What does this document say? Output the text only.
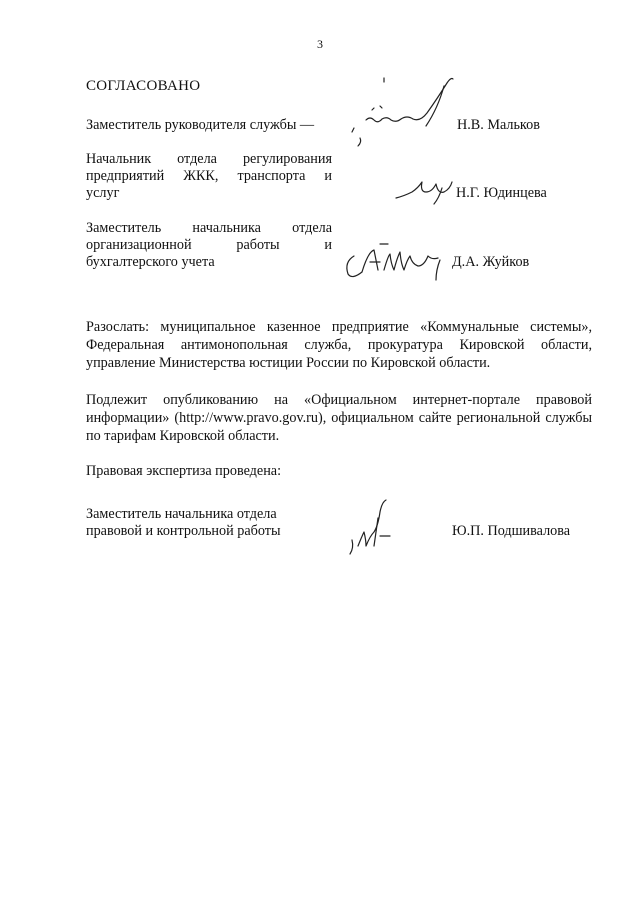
3
СОГЛАСОВАНО
Заместитель руководителя службы —	Н.В. Мальков
Начальник отдела регулирования
предприятий ЖКК, транспорта и
услуг	Н.Г. Юдинцева
Заместитель начальника отдела
организационной работы и
бухгалтерского учета	Д.А. Жуйков
Разослать: муниципальное казенное предприятие «Коммунальные системы», Федеральная антимонопольная служба, прокуратура Кировской области, управление Министерства юстиции России по Кировской области.
Подлежит опубликованию на «Официальном интернет-портале правовой информации» (http://www.pravo.gov.ru), официальном сайте региональной службы по тарифам Кировской области.
Правовая экспертиза проведена:
Заместитель начальника отдела
правовой и контрольной работы	Ю.П. Подшивалова
